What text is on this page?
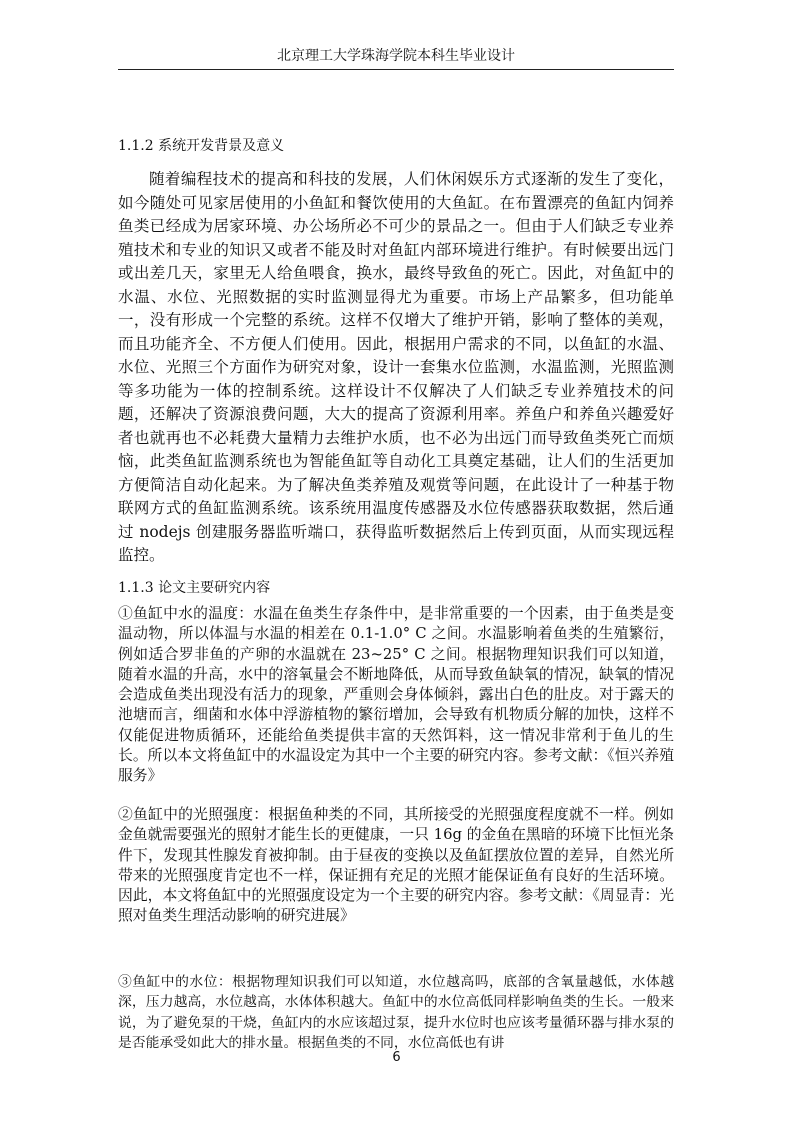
北京理工大学珠海学院本科生毕业设计
1.1.2 系统开发背景及意义
随着编程技术的提高和科技的发展，人们休闲娱乐方式逐渐的发生了变化，如今随处可见家居使用的小鱼缸和餐饮使用的大鱼缸。在布置漂亮的鱼缸内饲养鱼类已经成为居家环境、办公场所必不可少的景品之一。但由于人们缺乏专业养殖技术和专业的知识又或者不能及时对鱼缸内部环境进行维护。有时候要出远门或出差几天，家里无人给鱼喂食，换水，最终导致鱼的死亡。因此，对鱼缸中的水温、水位、光照数据的实时监测显得尤为重要。市场上产品繁多，但功能单一，没有形成一个完整的系统。这样不仅增大了维护开销，影响了整体的美观，而且功能齐全、不方便人们使用。因此，根据用户需求的不同，以鱼缸的水温、水位、光照三个方面作为研究对象，设计一套集水位监测，水温监测，光照监测等多功能为一体的控制系统。这样设计不仅解决了人们缺乏专业养殖技术的问题，还解决了资源浪费问题，大大的提高了资源利用率。养鱼户和养鱼兴趣爱好者也就再也不必耗费大量精力去维护水质，也不必为出远门而导致鱼类死亡而烦恼，此类鱼缸监测系统也为智能鱼缸等自动化工具奠定基础，让人们的生活更加方便简洁自动化起来。为了解决鱼类养殖及观赏等问题，在此设计了一种基于物联网方式的鱼缸监测系统。该系统用温度传感器及水位传感器获取数据，然后通过 nodejs 创建服务器监听端口，获得监听数据然后上传到页面，从而实现远程监控。
1.1.3 论文主要研究内容
①鱼缸中水的温度：水温在鱼类生存条件中，是非常重要的一个因素，由于鱼类是变温动物，所以体温与水温的相差在 0.1-1.0° C 之间。水温影响着鱼类的生殖繁衍，例如适合罗非鱼的产卵的水温就在 23~25° C 之间。根据物理知识我们可以知道，随着水温的升高，水中的溶氧量会不断地降低，从而导致鱼缺氧的情况，缺氧的情况会造成鱼类出现没有活力的现象，严重则会身体倾斜，露出白色的肚皮。对于露天的池塘而言，细菌和水体中浮游植物的繁衍增加，会导致有机物质分解的加快，这样不仅能促进物质循环，还能给鱼类提供丰富的天然饵料，这一情况非常利于鱼儿的生长。所以本文将鱼缸中的水温设定为其中一个主要的研究内容。参考文献：《恒兴养殖服务》
②鱼缸中的光照强度：根据鱼种类的不同，其所接受的光照强度程度就不一样。例如金鱼就需要强光的照射才能生长的更健康，一只 16g 的金鱼在黑暗的环境下比恒光条件下，发现其性腺发育被抑制。由于昼夜的变换以及鱼缸摆放位置的差异，自然光所带来的光照强度肯定也不一样，保证拥有充足的光照才能保证鱼有良好的生活环境。因此，本文将鱼缸中的光照强度设定为一个主要的研究内容。参考文献：《周显青：光照对鱼类生理活动影响的研究进展》
③鱼缸中的水位：根据物理知识我们可以知道，水位越高吗，底部的含氧量越低，水体越深，压力越高，水位越高，水体体积越大。鱼缸中的水位高低同样影响鱼类的生长。一般来说，为了避免泵的干烧，鱼缸内的水应该超过泵，提升水位时也应该考量循环器与排水泵的是否能承受如此大的排水量。根据鱼类的不同，水位高低也有讲
6
